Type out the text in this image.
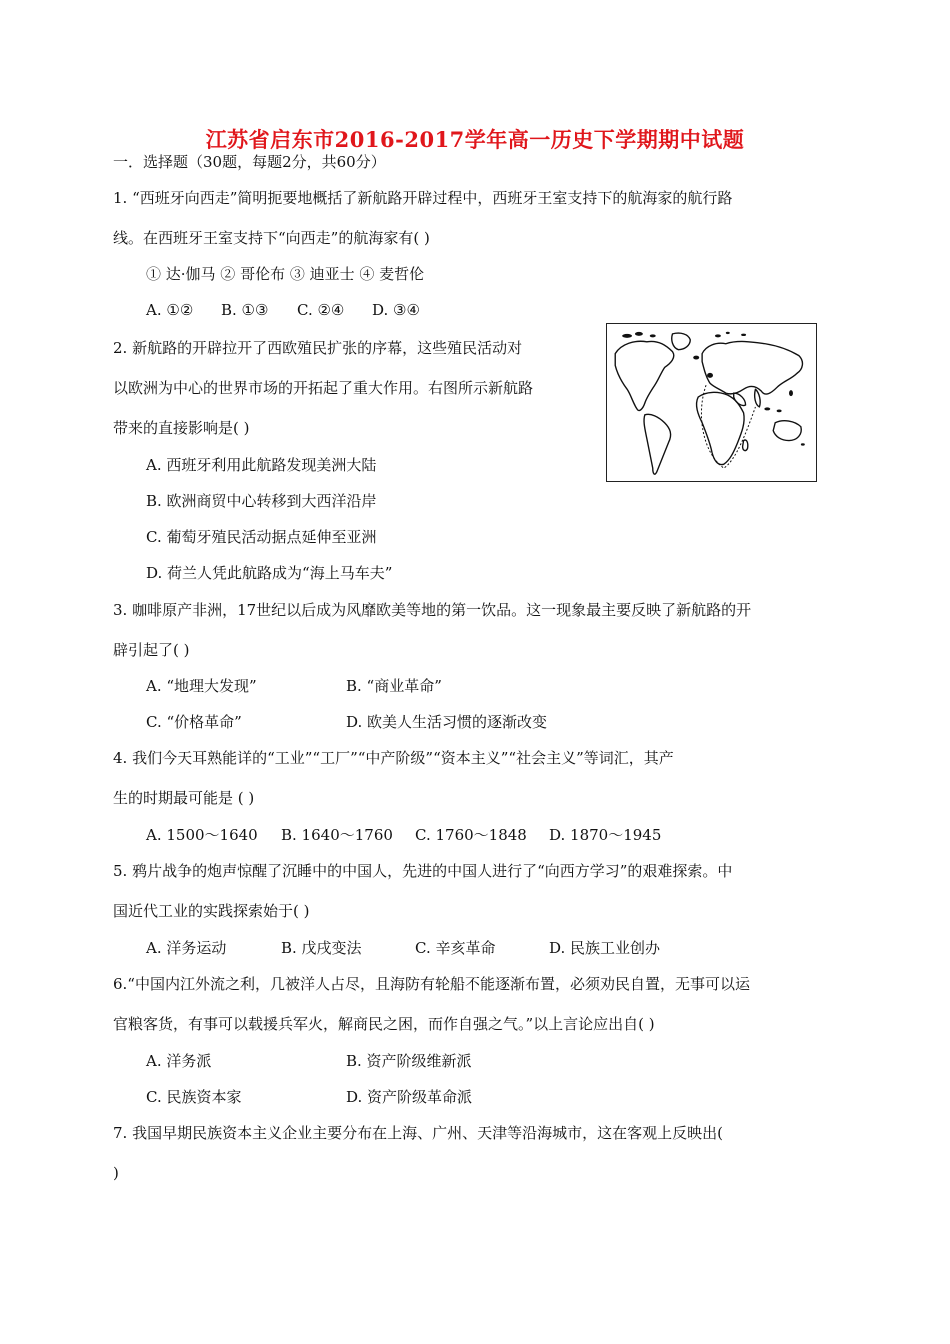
江苏省启东市2016-2017学年高一历史下学期期中试题
一．选择题（30题，每题2分，共60分）
1. “西班牙向西走”简明扼要地概括了新航路开辟过程中，西班牙王室支持下的航海家的航行路
线。在西班牙王室支持下“向西走”的航海家有( )
① 达·伽马 ② 哥伦布 ③ 迪亚士 ④ 麦哲伦
A. ①② B. ①③ C. ②④ D. ③④
2. 新航路的开辟拉开了西欧殖民扩张的序幕，这些殖民活动对
以欧洲为中心的世界市场的开拓起了重大作用。右图所示新航路
带来的直接影响是( )
A. 西班牙利用此航路发现美洲大陆
B. 欧洲商贸中心转移到大西洋沿岸
C. 葡萄牙殖民活动据点延伸至亚洲
D. 荷兰人凭此航路成为“海上马车夫”
3. 咖啡原产非洲，17世纪以后成为风靡欧美等地的第一饮品。这一现象最主要反映了新航路的开
辟引起了( )
A. “地理大发现”	B. “商业革命”
C. “价格革命”	D. 欧美人生活习惯的逐渐改变
4. 我们今天耳熟能详的“工业”“工厂”“中产阶级”“资本主义”“社会主义”等词汇，其产
生的时期最可能是 ( )
A. 1500～1640 B. 1640～1760 C. 1760～1848 D. 1870～1945
5. 鸦片战争的炮声惊醒了沉睡中的中国人，先进的中国人进行了“向西方学习”的艰难探索。中
国近代工业的实践探索始于( )
A. 洋务运动	B. 戊戌变法	C. 辛亥革命	D. 民族工业创办
6.“中国内江外流之利，几被洋人占尽，且海防有轮船不能逐渐布置，必须劝民自置，无事可以运
官粮客货，有事可以载援兵军火，解商民之困，而作自强之气。”以上言论应出自( )
A. 洋务派	B. 资产阶级维新派
C. 民族资本家	D. 资产阶级革命派
7. 我国早期民族资本主义企业主要分布在上海、广州、天津等沿海城市，这在客观上反映出(
)
